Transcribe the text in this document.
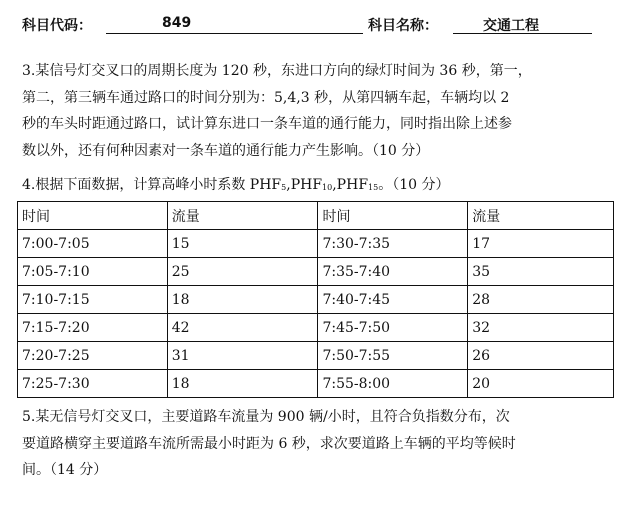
科目代码：	849	科目名称：	交通工程
3.某信号灯交叉口的周期长度为 120 秒，东进口方向的绿灯时间为 36 秒，第一，
第二，第三辆车通过路口的时间分别为：5,4,3 秒，从第四辆车起，车辆均以 2
秒的车头时距通过路口，试计算东进口一条车道的通行能力，同时指出除上述参
数以外，还有何种因素对一条车道的通行能力产生影响。（10 分）
4.根据下面数据，计算高峰小时系数 $PHF_5,PHF_{10},PHF_{15}$。（10 分）
时间	流量	时间	流量
7:00-7:05	15	7:30-7:35	17
7:05-7:10	25	7:35-7:40	35
7:10-7:15	18	7:40-7:45	28
7:15-7:20	42	7:45-7:50	32
7:20-7:25	31	7:50-7:55	26
7:25-7:30	18	7:55-8:00	20
5.某无信号灯交叉口，主要道路车流量为 900 辆/小时，且符合负指数分布，次
要道路横穿主要道路车流所需最小时距为 6 秒，求次要道路上车辆的平均等候时
间。（14 分）
